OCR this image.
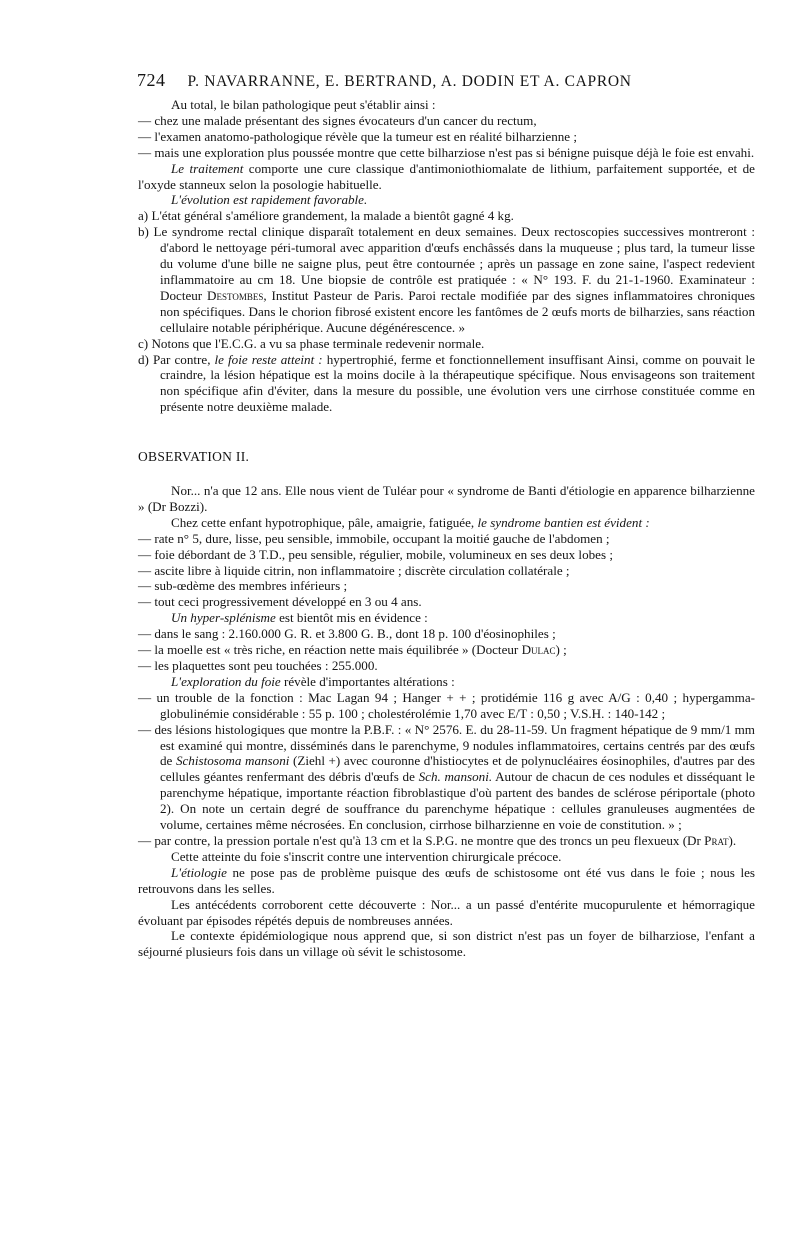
724 P. NAVARRANNE, E. BERTRAND, A. DODIN ET A. CAPRON

Au total, le bilan pathologique peut s'établir ainsi :

— chez une malade présentant des signes évocateurs d'un cancer du rectum,

— l'examen anatomo-pathologique révèle que la tumeur est en réalité bilharzienne ;

— mais une exploration plus poussée montre que cette bilharziose n'est pas si bénigne puisque déjà le foie est envahi.

Le traitement comporte une cure classique d'antimoniothiomalate de lithium, parfaitement supportée, et de l'oxyde stanneux selon la posologie habituelle.

L'évolution est rapidement favorable.

a) L'état général s'améliore grandement, la malade a bientôt gagné 4 kg.

b) Le syndrome rectal clinique disparaît totalement en deux semaines. Deux rectoscopies successives montreront : d'abord le nettoyage péri-tumoral avec apparition d'œufs enchâssés dans la muqueuse ; plus tard, la tumeur lisse du volume d'une bille ne saigne plus, peut être contournée ; après un passage en zone saine, l'aspect redevient inflammatoire au cm 18. Une biopsie de contrôle est pratiquée : « N° 193. F. du 21-1-1960. Examinateur : Docteur Destombes, Institut Pasteur de Paris. Paroi rectale modifiée par des signes inflammatoires chroniques non spécifiques. Dans le chorion fibrosé existent encore les fantômes de 2 œufs morts de bilharzies, sans réaction cellulaire notable périphérique. Aucune dégénérescence. »

c) Notons que l'E.C.G. a vu sa phase terminale redevenir normale.

d) Par contre, le foie reste atteint : hypertrophié, ferme et fonctionnellement insuffisant Ainsi, comme on pouvait le craindre, la lésion hépatique est la moins docile à la thérapeutique spécifique. Nous envisageons son traitement non spécifique afin d'éviter, dans la mesure du possible, une évolution vers une cirrhose constituée comme en présente notre deuxième malade.

OBSERVATION II.

Nor... n'a que 12 ans. Elle nous vient de Tuléar pour « syndrome de Banti d'étiologie en apparence bilharzienne » (Dr Bozzi).

Chez cette enfant hypotrophique, pâle, amaigrie, fatiguée, le syndrome bantien est évident :

— rate n° 5, dure, lisse, peu sensible, immobile, occupant la moitié gauche de l'abdomen ;

— foie débordant de 3 T.D., peu sensible, régulier, mobile, volumineux en ses deux lobes ;

— ascite libre à liquide citrin, non inflammatoire ; discrète circulation collatérale ;

— sub-œdème des membres inférieurs ;

— tout ceci progressivement développé en 3 ou 4 ans.

Un hyper-splénisme est bientôt mis en évidence :

— dans le sang : 2.160.000 G. R. et 3.800 G. B., dont 18 p. 100 d'éosinophiles ;

— la moelle est « très riche, en réaction nette mais équilibrée » (Docteur Dulac) ;

— les plaquettes sont peu touchées : 255.000.

L'exploration du foie révèle d'importantes altérations :

— un trouble de la fonction : Mac Lagan 94 ; Hanger + + ; protidémie 116 g avec A/G : 0,40 ; hypergamma-globulinémie considérable : 55 p. 100 ; cholestérolémie 1,70 avec E/T : 0,50 ; V.S.H. : 140-142 ;

— des lésions histologiques que montre la P.B.F. : « N° 2576. E. du 28-11-59. Un fragment hépatique de 9 mm/1 mm est examiné qui montre, disséminés dans le parenchyme, 9 nodules inflammatoires, certains centrés par des œufs de Schistosoma mansoni (Ziehl +) avec couronne d'histiocytes et de polynucléaires éosinophiles, d'autres par des cellules géantes renfermant des débris d'œufs de Sch. mansoni. Autour de chacun de ces nodules et disséquant le parenchyme hépatique, importante réaction fibroblastique d'où partent des bandes de sclérose périportale (photo 2). On note un certain degré de souffrance du parenchyme hépatique : cellules granuleuses augmentées de volume, certaines même nécrosées. En conclusion, cirrhose bilharzienne en voie de constitution. » ;

— par contre, la pression portale n'est qu'à 13 cm et la S.P.G. ne montre que des troncs un peu flexueux (Dr Prat).

Cette atteinte du foie s'inscrit contre une intervention chirurgicale précoce.

L'étiologie ne pose pas de problème puisque des œufs de schistosome ont été vus dans le foie ; nous les retrouvons dans les selles.

Les antécédents corroborent cette découverte : Nor... a un passé d'entérite mucopurulente et hémorragique évoluant par épisodes répétés depuis de nombreuses années.

Le contexte épidémiologique nous apprend que, si son district n'est pas un foyer de bilharziose, l'enfant a séjourné plusieurs fois dans un village où sévit le schistosome.
